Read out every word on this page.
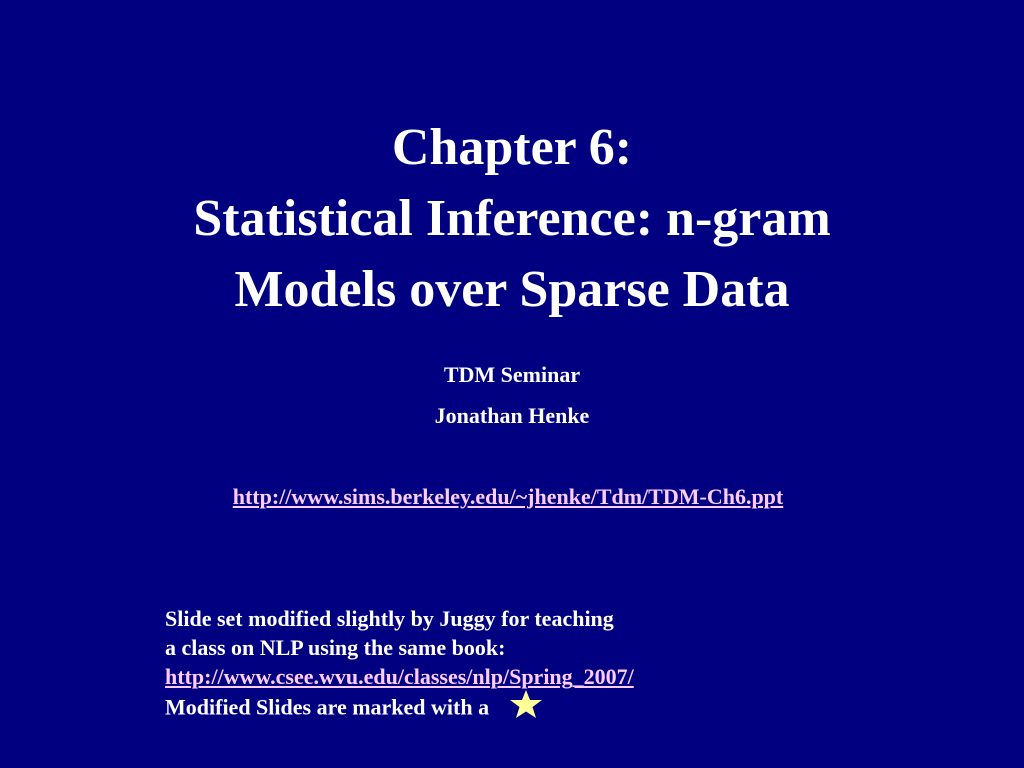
Chapter 6:
Statistical Inference: n-gram
Models over Sparse Data
TDM Seminar
Jonathan Henke
http://www.sims.berkeley.edu/~jhenke/Tdm/TDM-Ch6.ppt
Slide set modified slightly by Juggy for teaching
a class on NLP using the same book:
http://www.csee.wvu.edu/classes/nlp/Spring_2007/
Modified Slides are marked with a
